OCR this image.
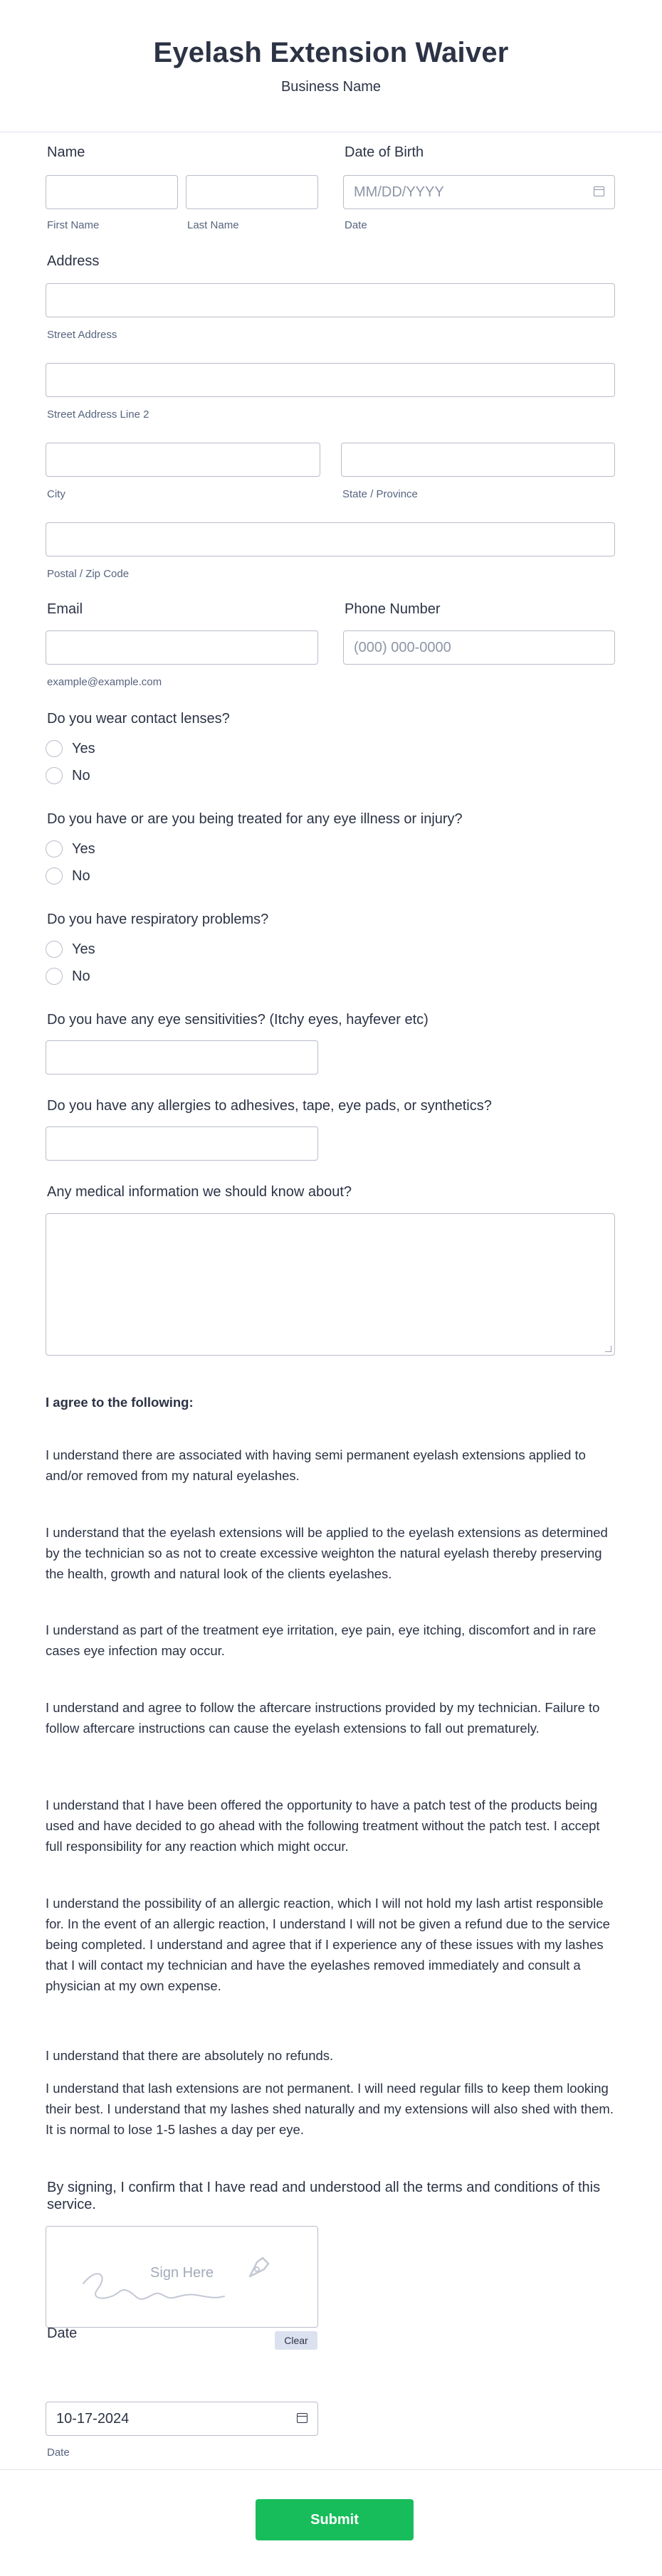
Eyelash Extension Waiver
Business Name
Name
First Name	Last Name
Date of Birth
MM/DD/YYYY
Date
Address
Street Address
Street Address Line 2
City	State / Province
Postal / Zip Code
Email
example@example.com
Phone Number
(000) 000-0000
Do you wear contact lenses?
Yes
No
Do you have or are you being treated for any eye illness or injury?
Yes
No
Do you have respiratory problems?
Yes
No
Do you have any eye sensitivities? (Itchy eyes, hayfever etc)
Do you have any allergies to adhesives, tape, eye pads, or synthetics?
Any medical information we should know about?

I agree to the following:

I understand there are associated with having semi permanent eyelash extensions applied to and/or removed from my natural eyelashes.

I understand that the eyelash extensions will be applied to the eyelash extensions as determined by the technician so as not to create excessive weighton the natural eyelash thereby preserving the health, growth and natural look of the clients eyelashes.

I understand as part of the treatment eye irritation, eye pain, eye itching, discomfort and in rare cases eye infection may occur.

I understand and agree to follow the aftercare instructions provided by my technician. Failure to follow aftercare instructions can cause the eyelash extensions to fall out prematurely.

I understand that I have been offered the opportunity to have a patch test of the products being used and have decided to go ahead with the following treatment without the patch test. I accept full responsibility for any reaction which might occur.

I understand the possibility of an allergic reaction, which I will not hold my lash artist responsible for. In the event of an allergic reaction, I understand I will not be given a refund due to the service being completed. I understand and agree that if I experience any of these issues with my lashes that I will contact my technician and have the eyelashes removed immediately and consult a physician at my own expense.

I understand that there are absolutely no refunds.

I understand that lash extensions are not permanent. I will need regular fills to keep them looking their best. I understand that my lashes shed naturally and my extensions will also shed with them. It is normal to lose 1-5 lashes a day per eye.

By signing, I confirm that I have read and understood all the terms and conditions of this service.
Sign Here
Clear
Date
10-17-2024
Date
Submit
